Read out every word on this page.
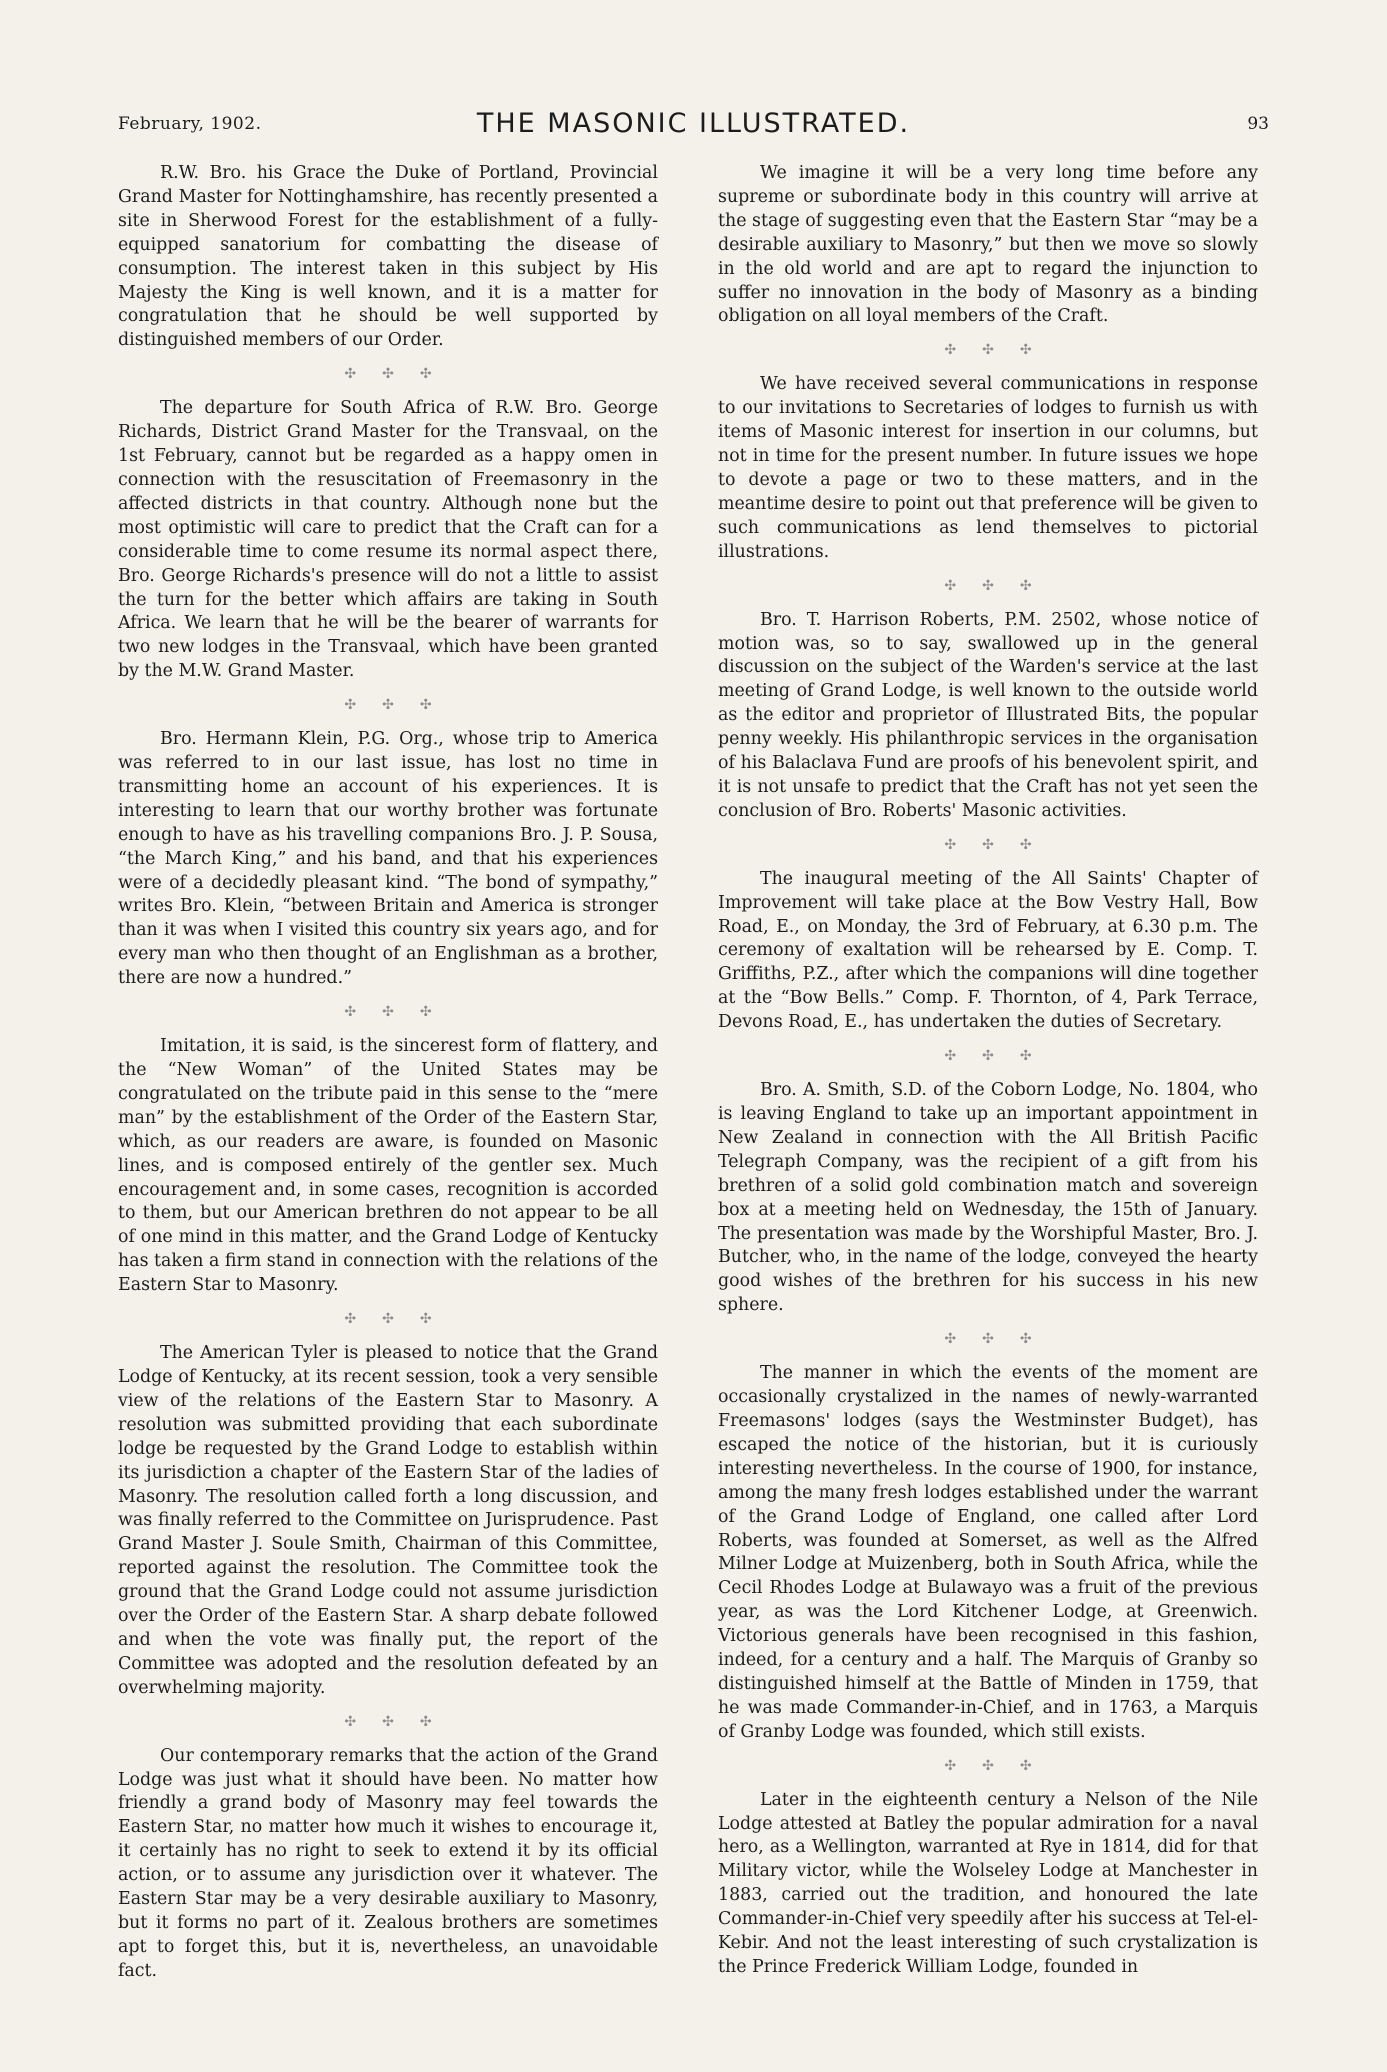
February, 1902.	THE MASONIC ILLUSTRATED.	93

R.W. Bro. his Grace the Duke of Portland, Provincial Grand Master for Nottinghamshire, has recently presented a site in Sherwood Forest for the establishment of a fully-equipped sanatorium for combatting the disease of consumption. The interest taken in this subject by His Majesty the King is well known, and it is a matter for congratulation that he should be well supported by distinguished members of our Order.

✣✣✣

The departure for South Africa of R.W. Bro. George Richards, District Grand Master for the Transvaal, on the 1st February, cannot but be regarded as a happy omen in connection with the resuscitation of Freemasonry in the affected districts in that country. Although none but the most optimistic will care to predict that the Craft can for a considerable time to come resume its normal aspect there, Bro. George Richards's presence will do not a little to assist the turn for the better which affairs are taking in South Africa. We learn that he will be the bearer of warrants for two new lodges in the Transvaal, which have been granted by the M.W. Grand Master.

✣✣✣

Bro. Hermann Klein, P.G. Org., whose trip to America was referred to in our last issue, has lost no time in transmitting home an account of his experiences. It is interesting to learn that our worthy brother was fortunate enough to have as his travelling companions Bro. J. P. Sousa, “the March King,” and his band, and that his experiences were of a decidedly pleasant kind. “The bond of sympathy,” writes Bro. Klein, “between Britain and America is stronger than it was when I visited this country six years ago, and for every man who then thought of an Englishman as a brother, there are now a hundred.”

✣✣✣

Imitation, it is said, is the sincerest form of flattery, and the “New Woman” of the United States may be congratulated on the tribute paid in this sense to the “mere man” by the establishment of the Order of the Eastern Star, which, as our readers are aware, is founded on Masonic lines, and is composed entirely of the gentler sex. Much encouragement and, in some cases, recognition is accorded to them, but our American brethren do not appear to be all of one mind in this matter, and the Grand Lodge of Kentucky has taken a firm stand in connection with the relations of the Eastern Star to Masonry.

✣✣✣

The American Tyler is pleased to notice that the Grand Lodge of Kentucky, at its recent session, took a very sensible view of the relations of the Eastern Star to Masonry. A resolution was submitted providing that each subordinate lodge be requested by the Grand Lodge to establish within its jurisdiction a chapter of the Eastern Star of the ladies of Masonry. The resolution called forth a long discussion, and was finally referred to the Committee on Jurisprudence. Past Grand Master J. Soule Smith, Chairman of this Committee, reported against the resolution. The Committee took the ground that the Grand Lodge could not assume jurisdiction over the Order of the Eastern Star. A sharp debate followed and when the vote was finally put, the report of the Committee was adopted and the resolution defeated by an overwhelming majority.

✣✣✣

Our contemporary remarks that the action of the Grand Lodge was just what it should have been. No matter how friendly a grand body of Masonry may feel towards the Eastern Star, no matter how much it wishes to encourage it, it certainly has no right to seek to extend it by its official action, or to assume any jurisdiction over it whatever. The Eastern Star may be a very desirable auxiliary to Masonry, but it forms no part of it. Zealous brothers are sometimes apt to forget this, but it is, nevertheless, an unavoidable fact.

We imagine it will be a very long time before any supreme or subordinate body in this country will arrive at the stage of suggesting even that the Eastern Star “may be a desirable auxiliary to Masonry,” but then we move so slowly in the old world and are apt to regard the injunction to suffer no innovation in the body of Masonry as a binding obligation on all loyal members of the Craft.

✣✣✣

We have received several communications in response to our invitations to Secretaries of lodges to furnish us with items of Masonic interest for insertion in our columns, but not in time for the present number. In future issues we hope to devote a page or two to these matters, and in the meantime desire to point out that preference will be given to such communications as lend themselves to pictorial illustrations.

✣✣✣

Bro. T. Harrison Roberts, P.M. 2502, whose notice of motion was, so to say, swallowed up in the general discussion on the subject of the Warden's service at the last meeting of Grand Lodge, is well known to the outside world as the editor and proprietor of Illustrated Bits, the popular penny weekly. His philanthropic services in the organisation of his Balaclava Fund are proofs of his benevolent spirit, and it is not unsafe to predict that the Craft has not yet seen the conclusion of Bro. Roberts' Masonic activities.

✣✣✣

The inaugural meeting of the All Saints' Chapter of Improvement will take place at the Bow Vestry Hall, Bow Road, E., on Monday, the 3rd of February, at 6.30 p.m. The ceremony of exaltation will be rehearsed by E. Comp. T. Griffiths, P.Z., after which the companions will dine together at the “Bow Bells.” Comp. F. Thornton, of 4, Park Terrace, Devons Road, E., has undertaken the duties of Secretary.

✣✣✣

Bro. A. Smith, S.D. of the Coborn Lodge, No. 1804, who is leaving England to take up an important appointment in New Zealand in connection with the All British Pacific Telegraph Company, was the recipient of a gift from his brethren of a solid gold combination match and sovereign box at a meeting held on Wednesday, the 15th of January. The presentation was made by the Worshipful Master, Bro. J. Butcher, who, in the name of the lodge, conveyed the hearty good wishes of the brethren for his success in his new sphere.

✣✣✣

The manner in which the events of the moment are occasionally crystalized in the names of newly-warranted Freemasons' lodges (says the Westminster Budget), has escaped the notice of the historian, but it is curiously interesting nevertheless. In the course of 1900, for instance, among the many fresh lodges established under the warrant of the Grand Lodge of England, one called after Lord Roberts, was founded at Somerset, as well as the Alfred Milner Lodge at Muizenberg, both in South Africa, while the Cecil Rhodes Lodge at Bulawayo was a fruit of the previous year, as was the Lord Kitchener Lodge, at Greenwich. Victorious generals have been recognised in this fashion, indeed, for a century and a half. The Marquis of Granby so distinguished himself at the Battle of Minden in 1759, that he was made Commander-in-Chief, and in 1763, a Marquis of Granby Lodge was founded, which still exists.

✣✣✣

Later in the eighteenth century a Nelson of the Nile Lodge attested at Batley the popular admiration for a naval hero, as a Wellington, warranted at Rye in 1814, did for that Military victor, while the Wolseley Lodge at Manchester in 1883, carried out the tradition, and honoured the late Commander-in-Chief very speedily after his success at Tel-el-Kebir. And not the least interesting of such crystalization is the Prince Frederick William Lodge, founded in
